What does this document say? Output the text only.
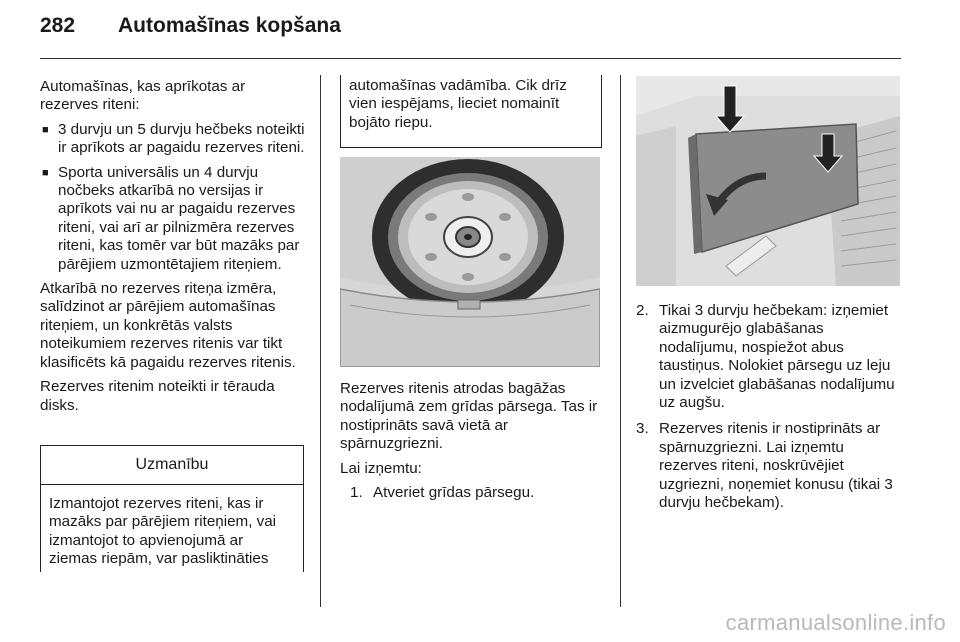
282	Automašīnas kopšana

Automašīnas, kas aprīkotas ar rezerves riteni:

■ 3 durvju un 5 durvju hečbeks noteikti ir aprīkots ar pagaidu rezerves riteni.
■ Sporta universālis un 4 durvju nočbeks atkarībā no versijas ir aprīkots vai nu ar pagaidu rezerves riteni, vai arī ar pilnizmēra rezerves riteni, kas tomēr var būt mazāks par pārējiem uzmontētajiem riteņiem.

Atkarībā no rezerves riteņa izmēra, salīdzinot ar pārējiem automašīnas riteņiem, un konkrētās valsts noteikumiem rezerves ritenis var tikt klasificēts kā pagaidu rezerves ritenis.

Rezerves ritenim noteikti ir tērauda disks.

Uzmanību
Izmantojot rezerves riteni, kas ir mazāks par pārējiem riteņiem, vai izmantojot to apvienojumā ar ziemas riepām, var pasliktināties
automašīnas vadāmība. Cik drīz vien iespējams, lieciet nomainīt bojāto riepu.

Rezerves ritenis atrodas bagāžas nodalījumā zem grīdas pārsega. Tas ir nostiprināts savā vietā ar spārnuzgriezni.

Lai izņemtu:

1. Atveriet grīdas pārsegu.
2. Tikai 3 durvju hečbekam: izņemiet aizmugurējo glabāšanas nodalījumu, nospiežot abus taustiņus. Nolokiet pārsegu uz leju un izvelciet glabāšanas nodalījumu uz augšu.
3. Rezerves ritenis ir nostiprināts ar spārnuzgriezni. Lai izņemtu rezerves riteni, noskrūvējiet uzgriezni, noņemiet konusu (tikai 3 durvju hečbekam).
carmanualsonline.info
